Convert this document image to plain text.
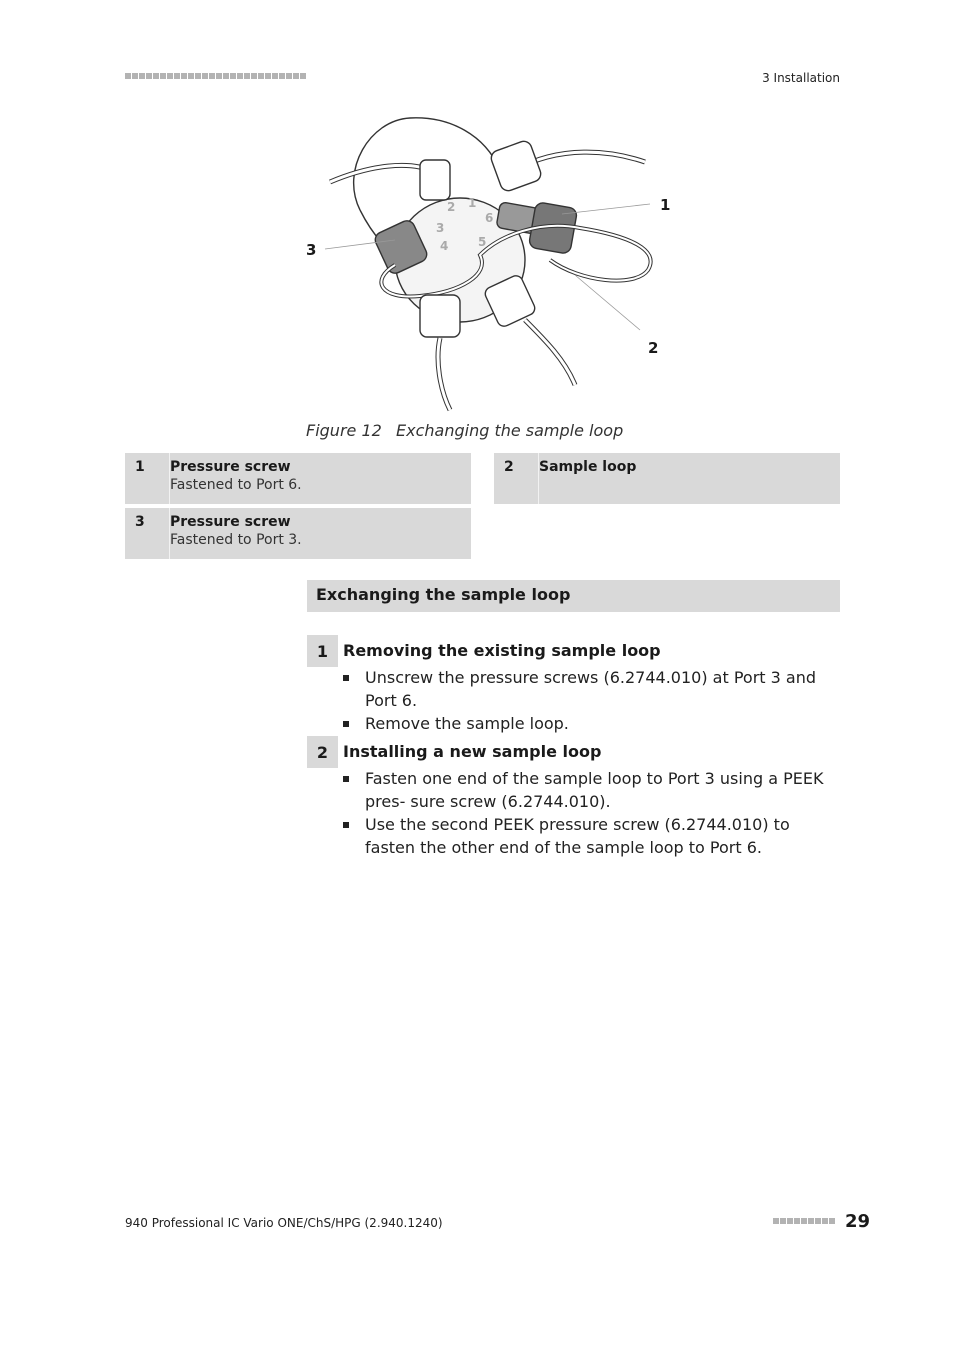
3 Installation
1
2
3
4 5
6
1
2
3
Figure 12 Exchanging the sample loop
1	Pressure screw
Fastened to Port 6.
2	Sample loop
3	Pressure screw
Fastened to Port 3.
Exchanging the sample loop
1 Removing the existing sample loop
Unscrew the pressure screws (6.2744.010) at Port 3 and Port 6.
Remove the sample loop.
2 Installing a new sample loop
Fasten one end of the sample loop to Port 3 using a PEEK pres- sure screw (6.2744.010).
Use the second PEEK pressure screw (6.2744.010) to fasten the other end of the sample loop to Port 6.
940 Professional IC Vario ONE/ChS/HPG (2.940.1240)	29
